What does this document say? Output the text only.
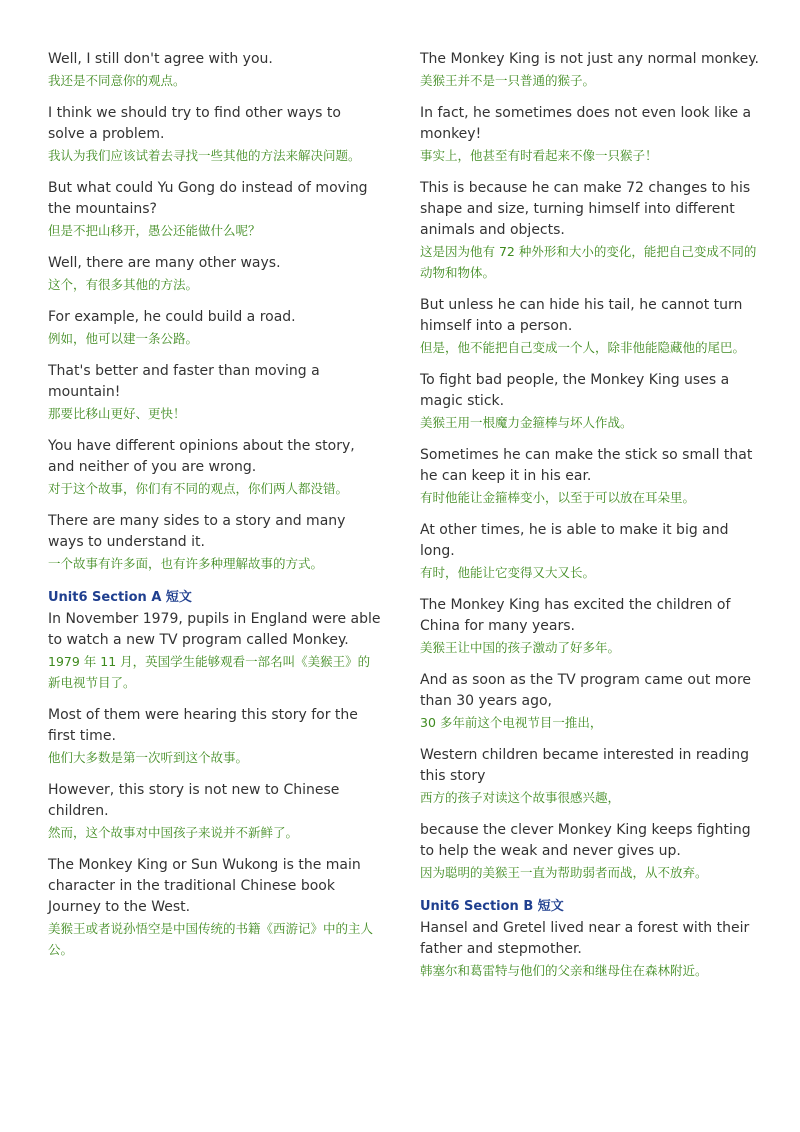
Well, I still don't agree with you.

我还是不同意你的观点。

I think we should try to find other ways to solve a problem.

我认为我们应该试着去寻找一些其他的方法来解决问题。

But what could Yu Gong do instead of moving the mountains?

但是不把山移开，愚公还能做什么呢？

Well, there are many other ways.

这个，有很多其他的方法。

For example, he could build a road.

例如，他可以建一条公路。

That's better and faster than moving a mountain!

那要比移山更好、更快！

You have different opinions about the story, and neither of you are wrong.

对于这个故事，你们有不同的观点，你们两人都没错。

There are many sides to a story and many ways to understand it.

一个故事有许多面，也有许多种理解故事的方式。

Unit6 Section A 短文

In November 1979, pupils in England were able to watch a new TV program called Monkey.

1979 年 11 月，英国学生能够观看一部名叫《美猴王》的新电视节目了。

Most of them were hearing this story for the first time.

他们大多数是第一次听到这个故事。

However, this story is not new to Chinese children.

然而，这个故事对中国孩子来说并不新鲜了。

The Monkey King or Sun Wukong is the main character in the traditional Chinese book Journey to the West.

美猴王或者说孙悟空是中国传统的书籍《西游记》中的主人公。

The Monkey King is not just any normal monkey.

美猴王并不是一只普通的猴子。

In fact, he sometimes does not even look like a monkey!

事实上，他甚至有时看起来不像一只猴子！

This is because he can make 72 changes to his shape and size, turning himself into different animals and objects.

这是因为他有 72 种外形和大小的变化，能把自己变成不同的动物和物体。

But unless he can hide his tail, he cannot turn himself into a person.

但是，他不能把自己变成一个人，除非他能隐藏他的尾巴。

To fight bad people, the Monkey King uses a magic stick.

美猴王用一根魔力金箍棒与坏人作战。

Sometimes he can make the stick so small that he can keep it in his ear.

有时他能让金箍棒变小，以至于可以放在耳朵里。

At other times, he is able to make it big and long.

有时，他能让它变得又大又长。

The Monkey King has excited the children of China for many years.

美猴王让中国的孩子激动了好多年。

And as soon as the TV program came out more than 30 years ago,

30 多年前这个电视节目一推出，

Western children became interested in reading this story

西方的孩子对读这个故事很感兴趣，

because the clever Monkey King keeps fighting to help the weak and never gives up.

因为聪明的美猴王一直为帮助弱者而战，从不放弃。

Unit6 Section B 短文

Hansel and Gretel lived near a forest with their father and stepmother.

韩塞尔和葛雷特与他们的父亲和继母住在森林附近。
